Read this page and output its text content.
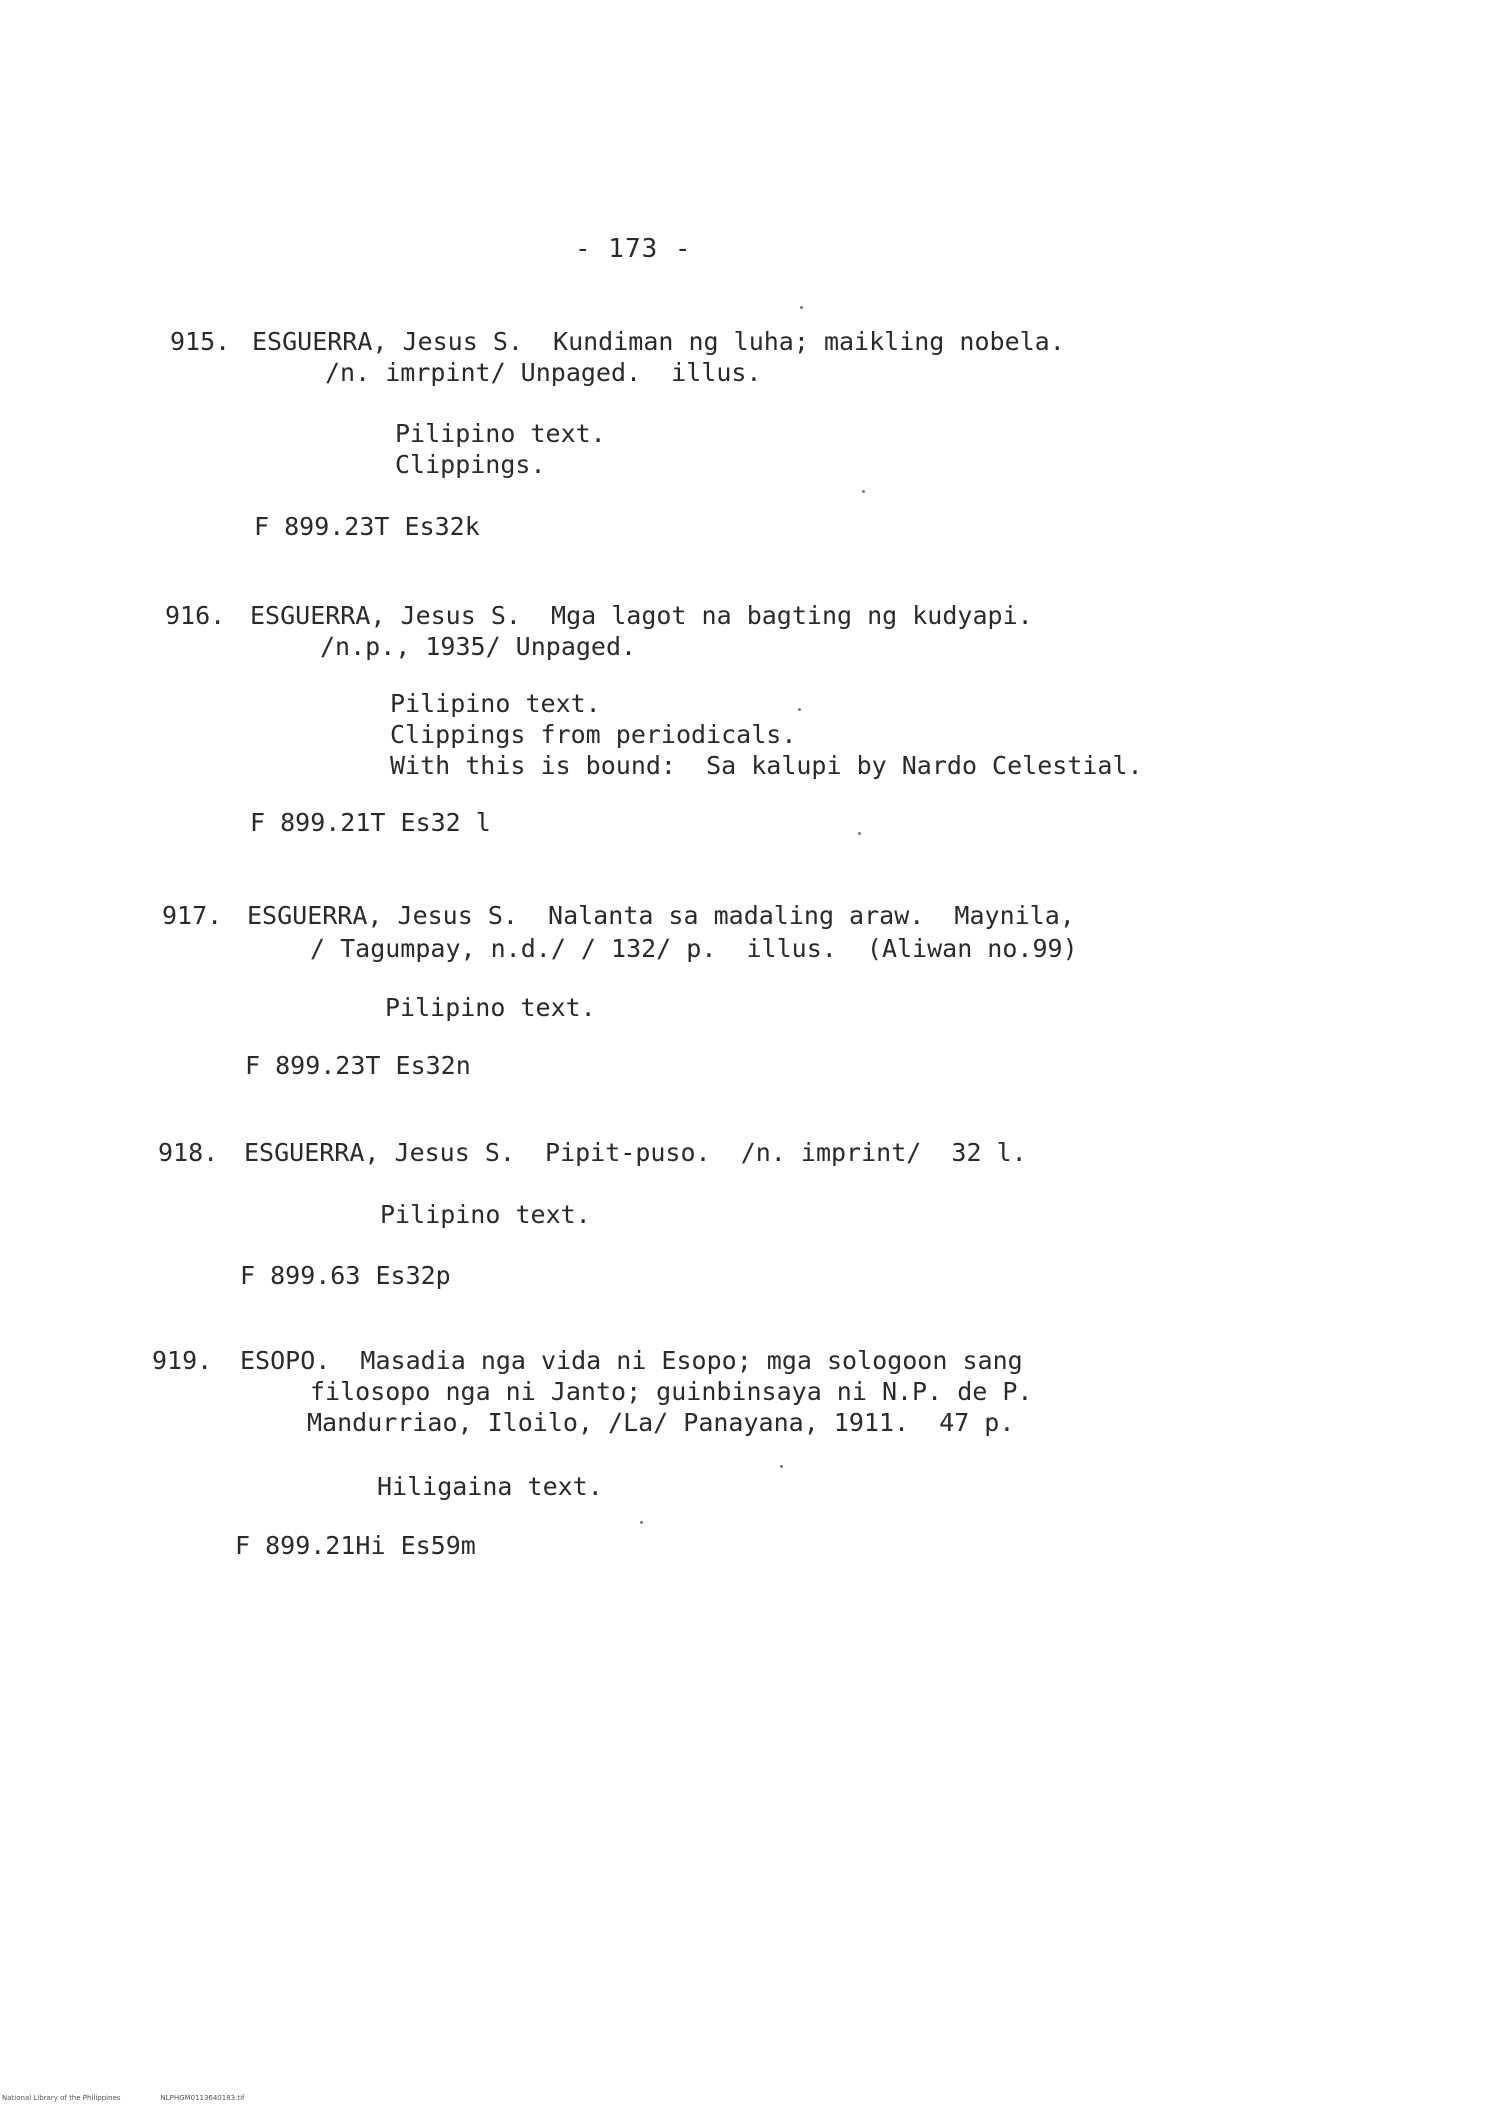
- 173 -
915. ESGUERRA, Jesus S.  Kundiman ng luha; maikling nobela.
∕n. imrpint∕ Unpaged.  illus.
Pilipino text.
Clippings.
F 899.23T Es32k
916. ESGUERRA, Jesus S.  Mga lagot na bagting ng kudyapi.
∕n.p., 1935∕ Unpaged.
Pilipino text.
Clippings from periodicals.
With this is bound:  Sa kalupi by Nardo Celestial.
F 899.21T Es32 l
917. ESGUERRA, Jesus S.  Nalanta sa madaling araw.  Maynila,
∕ Tagumpay, n.d.∕ ∕ 132∕ p.  illus.  (Aliwan no.99)
Pilipino text.
F 899.23T Es32n
918. ESGUERRA, Jesus S.  Pipit-puso.  ∕n. imprint∕  32 l.
Pilipino text.
F 899.63 Es32p
919. ESOPO.  Masadia nga vida ni Esopo; mga sologoon sang
filosopo nga ni Janto; guinbinsaya ni N.P. de P.
Mandurriao, Iloilo, ∕La∕ Panayana, 1911.  47 p.
Hiligaina text.
F 899.21Hi Es59m
National Library of the Philippines	NLPHGM0113640183.tif
